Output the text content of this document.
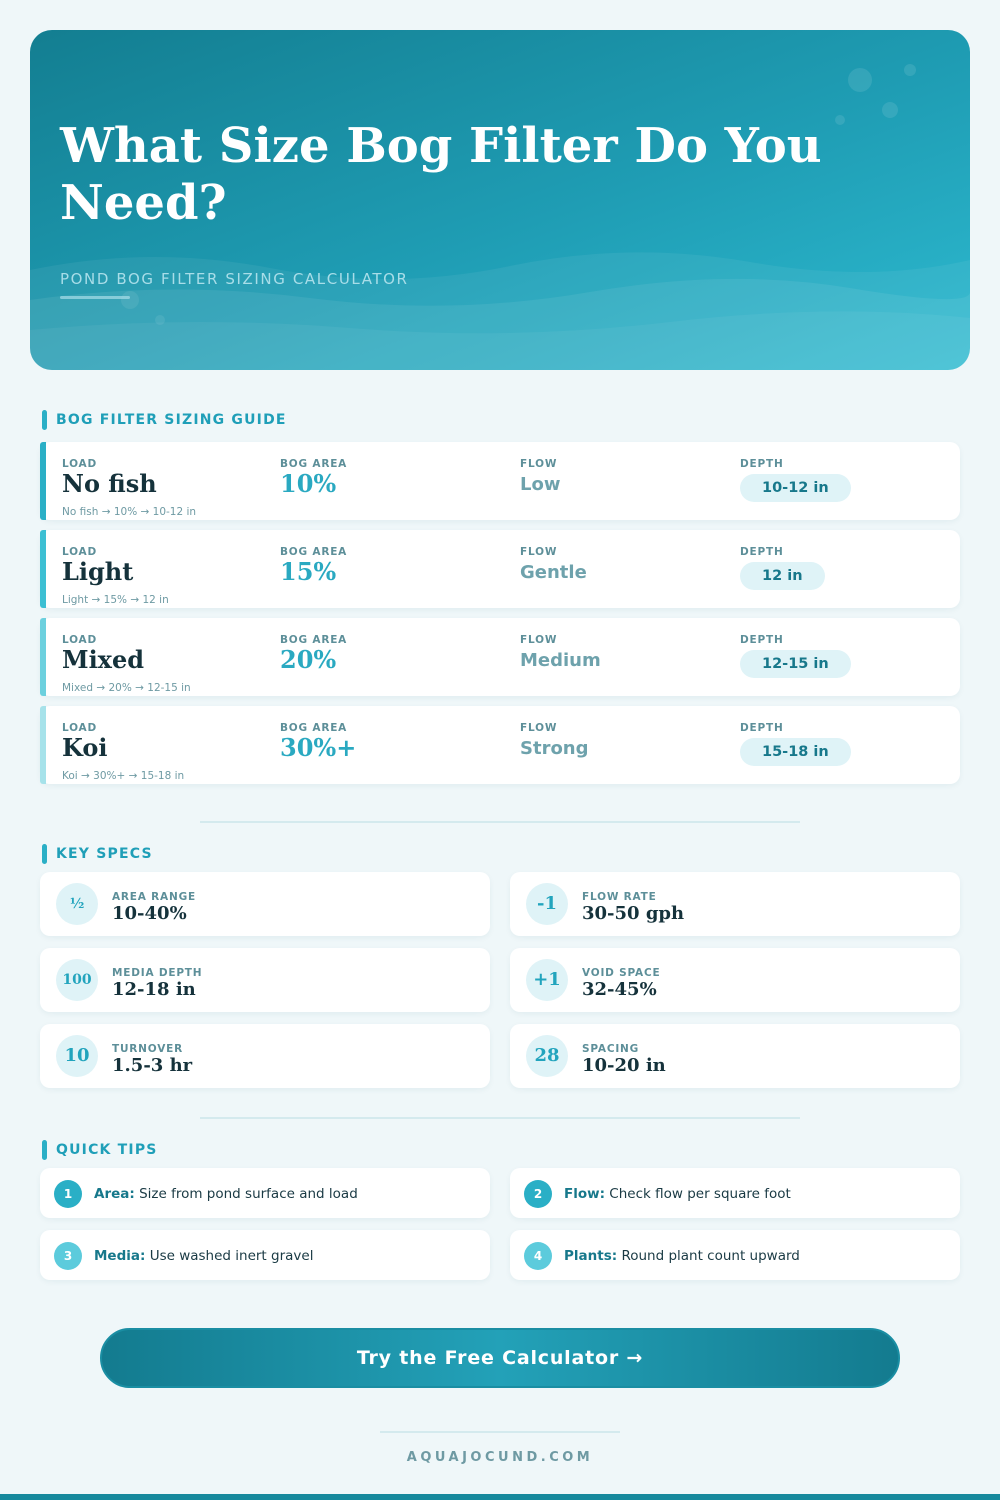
What Size Bog Filter Do You Need?
POND BOG FILTER SIZING CALCULATOR
BOG FILTER SIZING GUIDE
LOAD	BOG AREA	FLOW	DEPTH
No fish	10%	Low	10-12 in
No fish → 10% → 10-12 in
LOAD	BOG AREA	FLOW	DEPTH
Light	15%	Gentle	12 in
Light → 15% → 12 in
LOAD	BOG AREA	FLOW	DEPTH
Mixed	20%	Medium	12-15 in
Mixed → 20% → 12-15 in
LOAD	BOG AREA	FLOW	DEPTH
Koi	30%+	Strong	15-18 in
Koi → 30%+ → 15-18 in
KEY SPECS
½	AREA RANGE
10-40%	-1	FLOW RATE
30-50 gph
100	MEDIA DEPTH
12-18 in	+1	VOID SPACE
32-45%
10	TURNOVER
1.5-3 hr	28	SPACING
10-20 in
QUICK TIPS
1	Area: Size from pond surface and load	2	Flow: Check flow per square foot
3	Media: Use washed inert gravel	4	Plants: Round plant count upward
Try the Free Calculator →
AQUAJOCUND.COM
